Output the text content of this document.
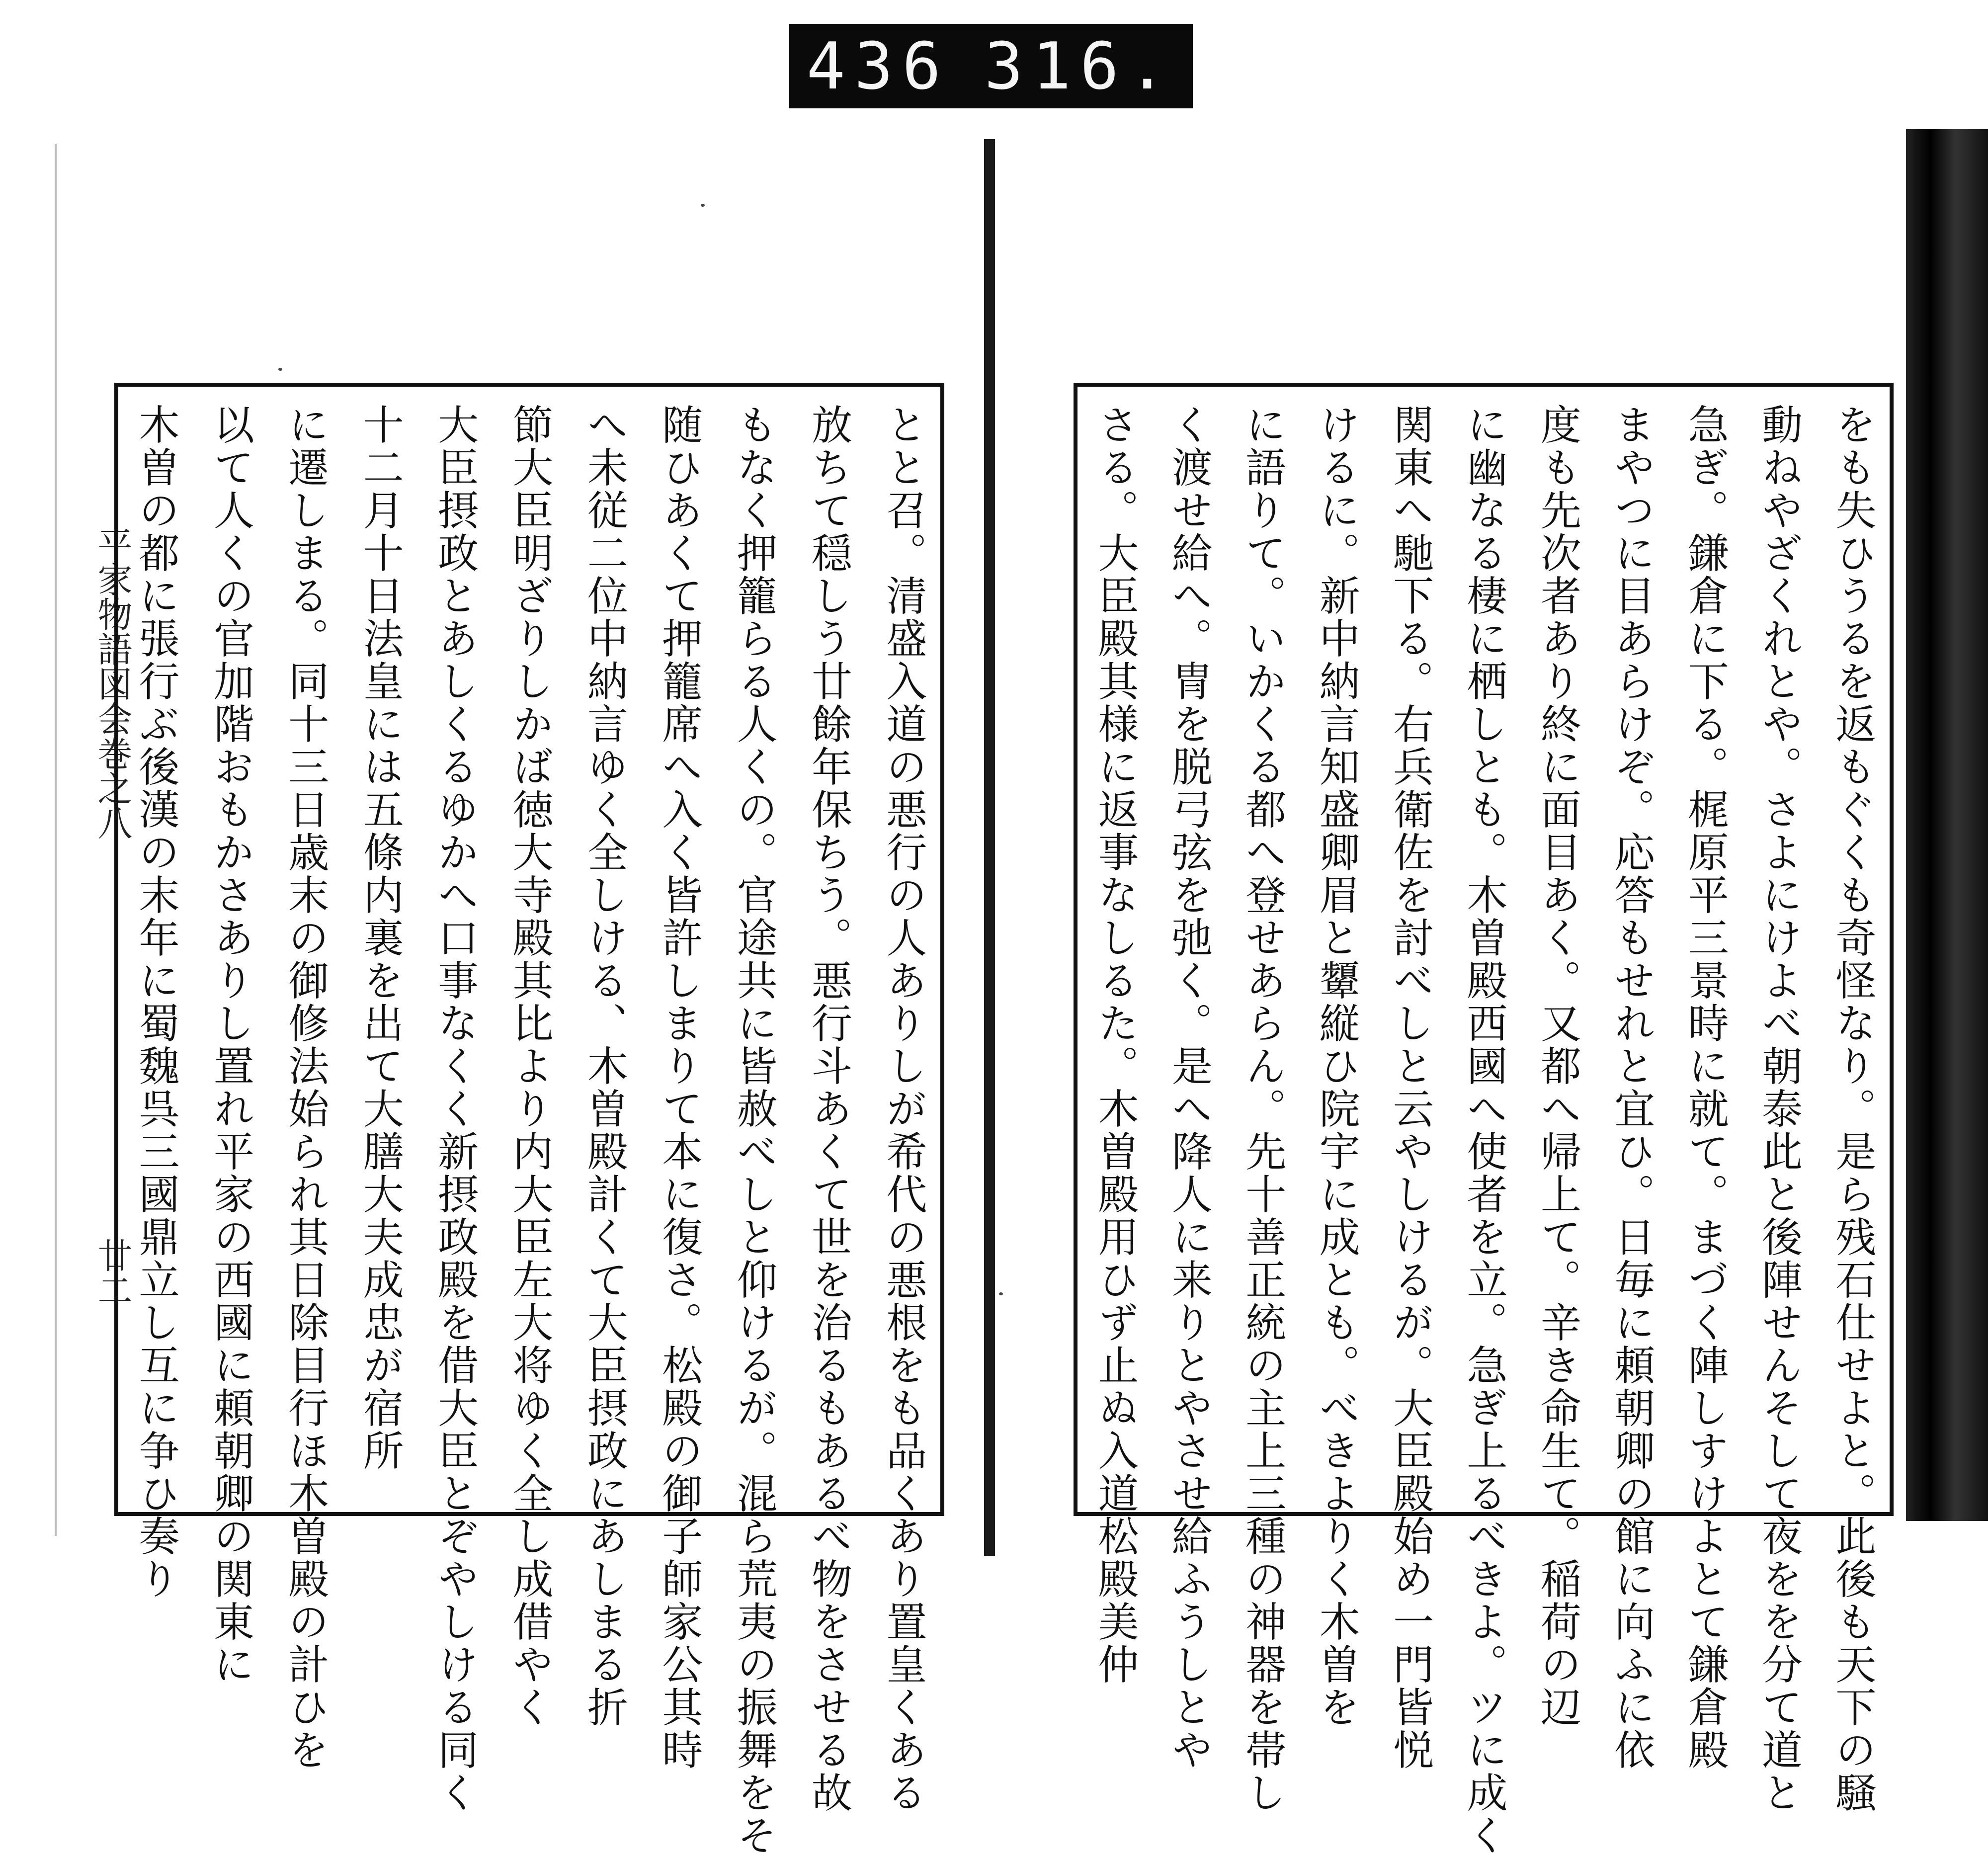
436 316.
平家物語図会巻之八
廿二	とと召。清盛入道の悪行の人ありしが希代の悪根をも品くあり置皇くある
放ちて穏しう廿餘年保ちう。悪行斗あくて世を治るもあるべ物をさせる故
もなく押籠らる人くの。官途共に皆赦べしと仰けるが。混ら荒夷の振舞をそ
随ひあくて押籠席へ入く皆許しまりて本に復さ。松殿の御子師家公其時
へ未従二位中納言ゆく全しける、木曽殿計くて大臣摂政にあしまる折
節大臣明ざりしかば徳大寺殿其比より内大臣左大将ゆく全し成借やく
大臣摂政とあしくるゆかへ口事なくく新摂政殿を借大臣とぞやしける同く
十二月十日法皇には五條内裏を出て大膳大夫成忠が宿所
に遷しまる。同十三日歳末の御修法始られ其日除目行ほ木曽殿の計ひを
以て人くの官加階おもかさありし置れ平家の西國に頼朝卿の関東に
木曽の都に張行ぶ後漢の末年に蜀魏呉三國鼎立し互に争ひ奏り	をも失ひうるを返もぐくも奇怪なり。是ら残石仕せよと。此後も天下の騒
動ねやざくれとや。さよにけよべ朝泰此と後陣せんそして夜をを分て道と
急ぎ。鎌倉に下る。梶原平三景時に就て。まづく陣しすけよとて鎌倉殿
まやつに目あらけぞ。応答もせれと宜ひ。日毎に頼朝卿の館に向ふに依
度も先次者あり終に面目あく。又都へ帰上て。辛き命生て。稲荷の辺
に幽なる棲に栖しとも。木曽殿西國へ使者を立。急ぎ上るべきよ。ツに成く
関東へ馳下る。右兵衛佐を討べしと云やしけるが。大臣殿始め一門皆悦
けるに。新中納言知盛卿眉と顰縦ひ院宇に成とも。べきよりく木曽を
に語りて。いかくる都へ登せあらん。先十善正統の主上三種の神器を帯し
く渡せ給へ。冑を脱弓弦を弛く。是へ降人に来りとやさせ給ふうしとや
さる。大臣殿其様に返事なしるた。木曽殿用ひず止ぬ入道松殿美仲
